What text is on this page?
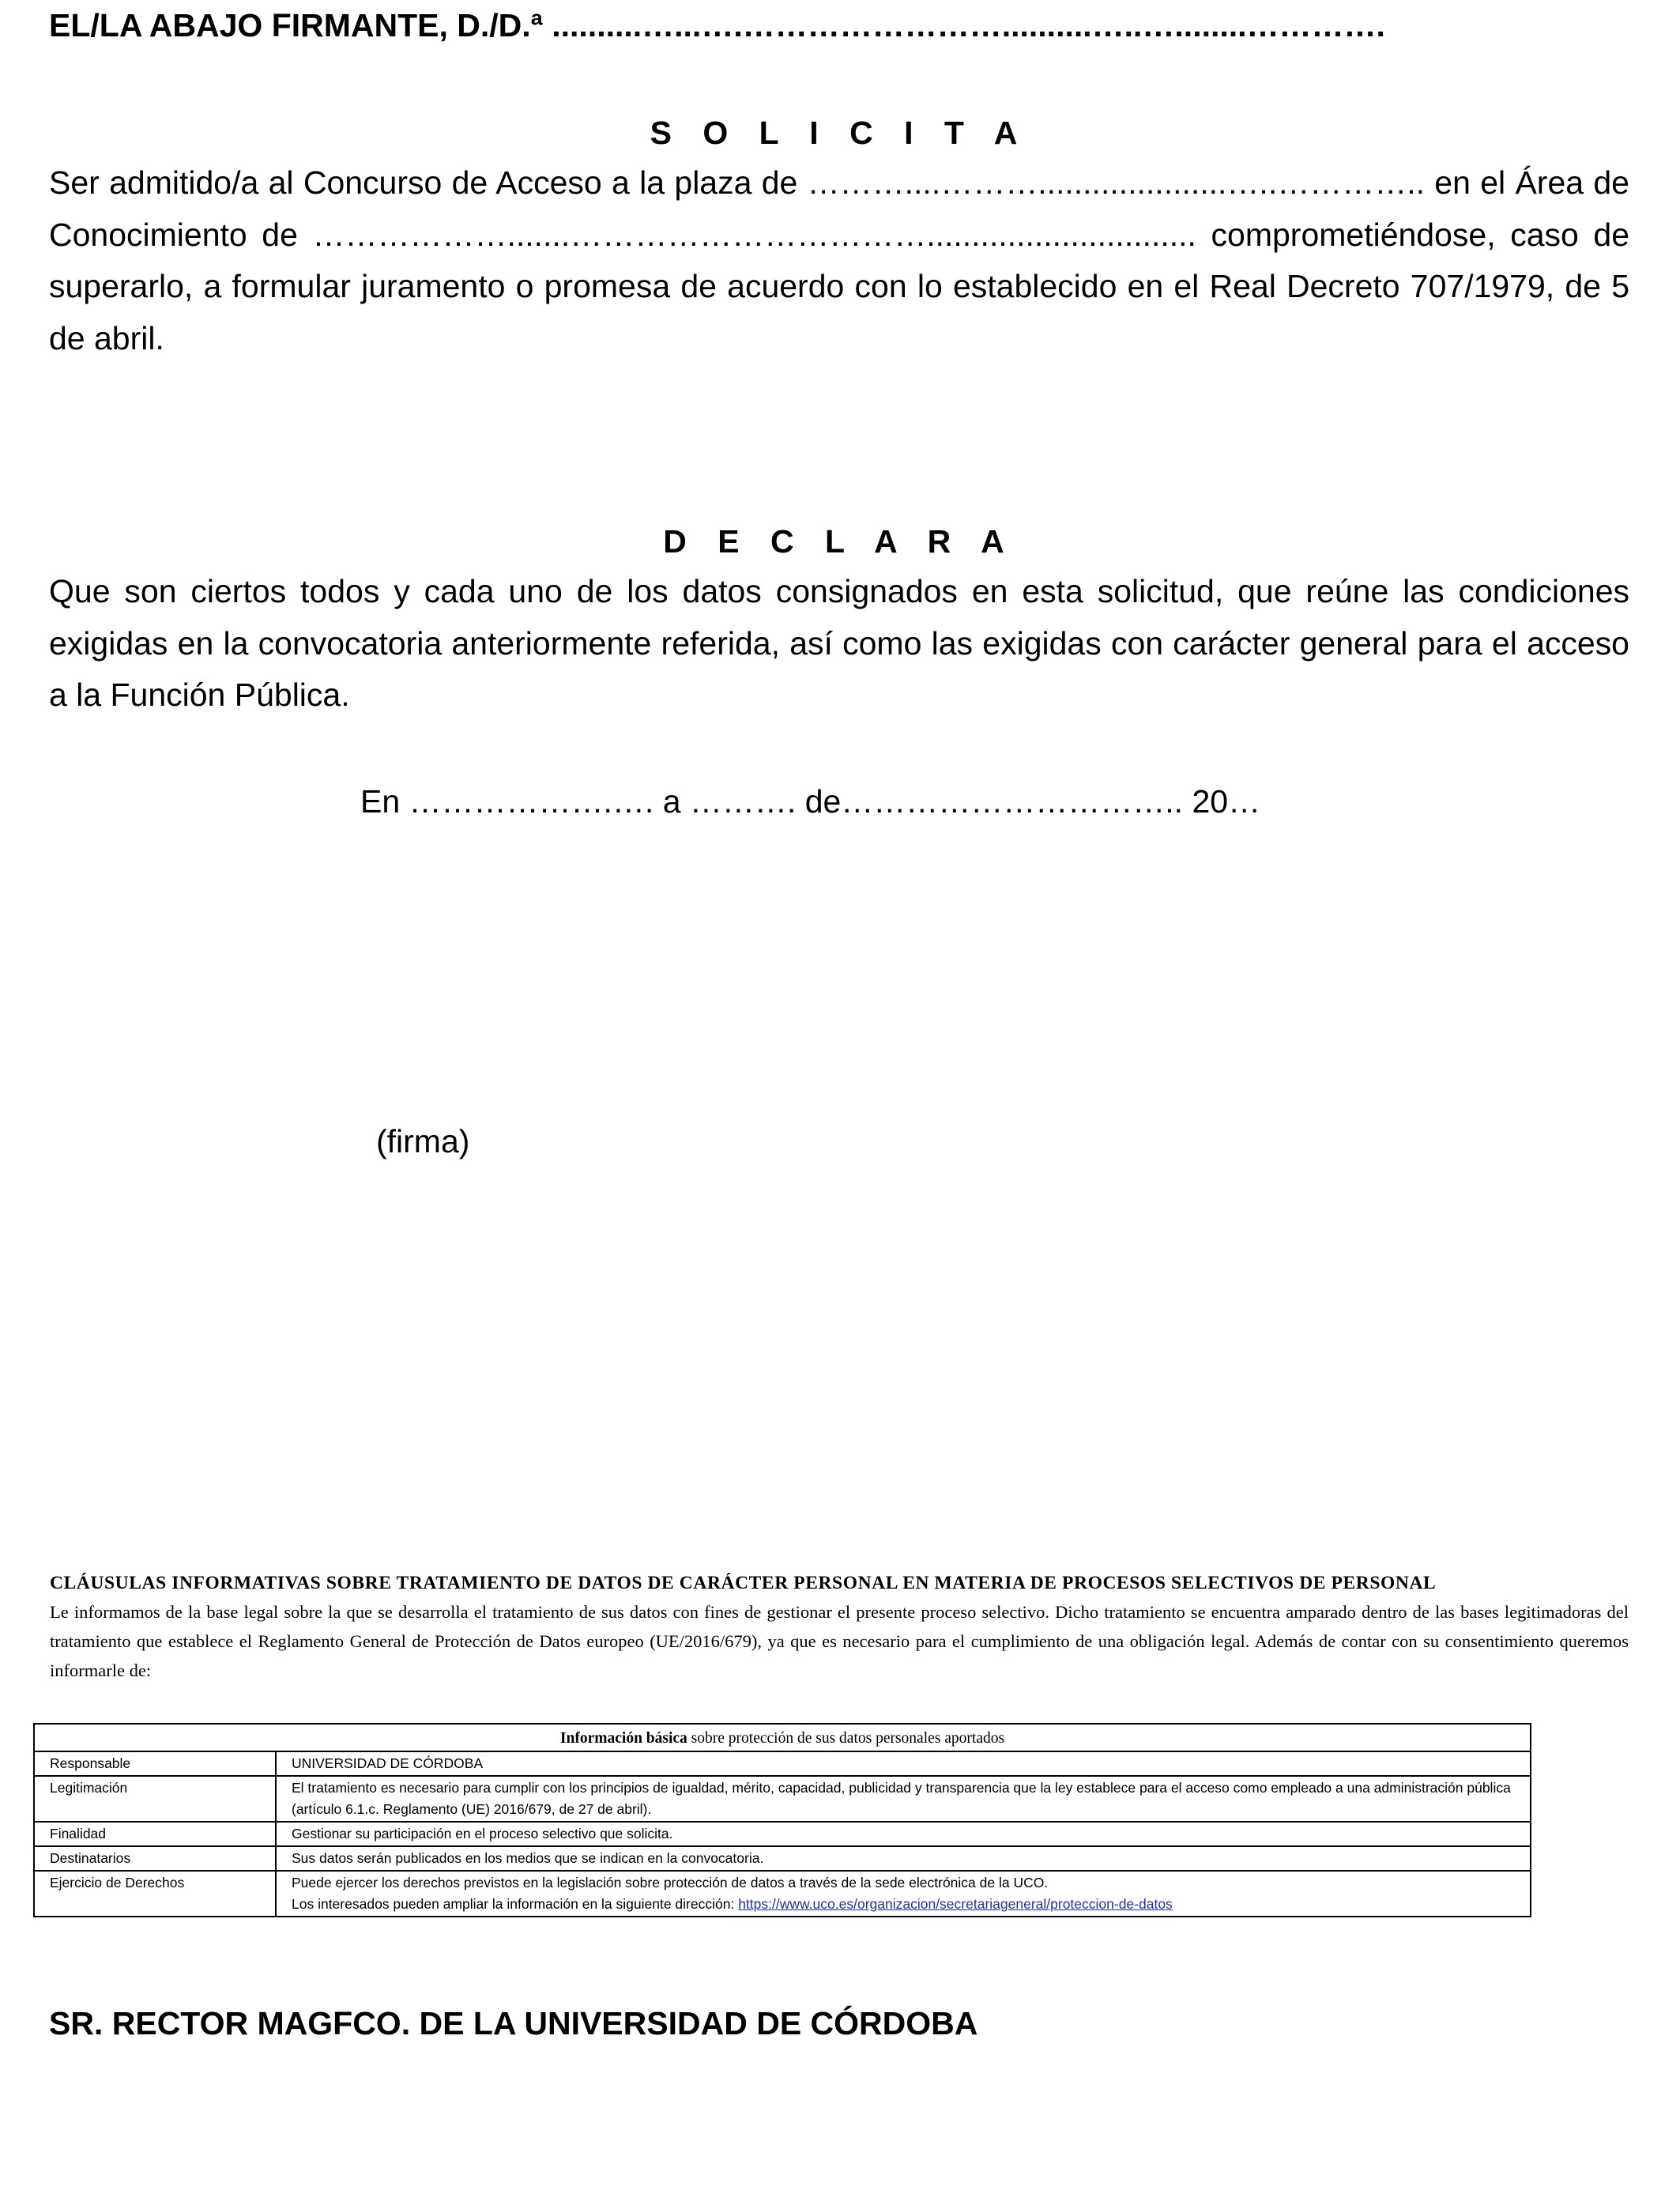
EL/LA ABAJO FIRMANTE, D./D.ª ..........…...….……………………..........…..…........………….
S O L I C I T A
Ser admitido/a al Concurso de Acceso a la plaza de ………....……….....................…..………….. en el Área de Conocimiento de ……………….......…………………………….............................. comprometiéndose, caso de superarlo, a formular juramento o promesa de acuerdo con lo establecido en el Real Decreto 707/1979, de 5 de abril.
D E C L A R A
Que son ciertos todos y cada uno de los datos consignados en esta solicitud, que reúne las condiciones exigidas en la convocatoria anteriormente referida, así como las exigidas con carácter general para el acceso a la Función Pública.
En ……………….…. a ………. de………………………….. 20…
(firma)
CLÁUSULAS INFORMATIVAS SOBRE TRATAMIENTO DE DATOS DE CARÁCTER PERSONAL EN MATERIA DE PROCESOS SELECTIVOS DE PERSONAL
Le informamos de la base legal sobre la que se desarrolla el tratamiento de sus datos con fines de gestionar el presente proceso selectivo. Dicho tratamiento se encuentra amparado dentro de las bases legitimadoras del tratamiento que establece el Reglamento General de Protección de Datos europeo (UE/2016/679), ya que es necesario para el cumplimiento de una obligación legal. Además de contar con su consentimiento queremos informarle de:
Información básica sobre protección de sus datos personales aportados	
Responsable	UNIVERSIDAD DE CÓRDOBA
Legitimación	El tratamiento es necesario para cumplir con los principios de igualdad, mérito, capacidad, publicidad y transparencia que la ley establece para el acceso como empleado a una administración pública (artículo 6.1.c. Reglamento (UE) 2016/679, de 27 de abril).
Finalidad	Gestionar su participación en el proceso selectivo que solicita.
Destinatarios	Sus datos serán publicados en los medios que se indican en la convocatoria.
Ejercicio de Derechos	Puede ejercer los derechos previstos en la legislación sobre protección de datos a través de la sede electrónica de la UCO.
Los interesados pueden ampliar la información en la siguiente dirección: https://www.uco.es/organizacion/secretariageneral/proteccion-de-datos
SR. RECTOR MAGFCO. DE LA UNIVERSIDAD DE CÓRDOBA
